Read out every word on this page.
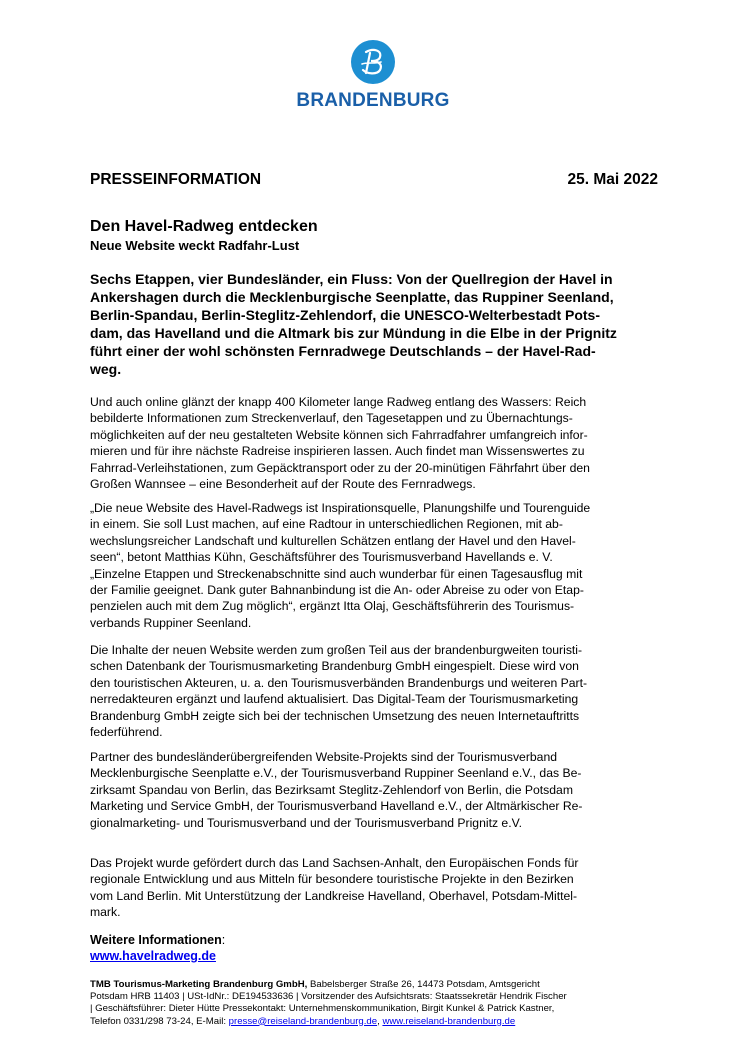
BRANDENBURG
PRESSEINFORMATION	25. Mai 2022
Den Havel-Radweg entdecken
Neue Website weckt Radfahr-Lust
Sechs Etappen, vier Bundesländer, ein Fluss: Von der Quellregion der Havel in
Ankershagen durch die Mecklenburgische Seenplatte, das Ruppiner Seenland,
Berlin-Spandau, Berlin-Steglitz-Zehlendorf, die UNESCO-Welterbestadt Pots-
dam, das Havelland und die Altmark bis zur Mündung in die Elbe in der Prignitz
führt einer der wohl schönsten Fernradwege Deutschlands – der Havel-Rad-
weg.
Und auch online glänzt der knapp 400 Kilometer lange Radweg entlang des Wassers: Reich
bebilderte Informationen zum Streckenverlauf, den Tagesetappen und zu Übernachtungs-
möglichkeiten auf der neu gestalteten Website können sich Fahrradfahrer umfangreich infor-
mieren und für ihre nächste Radreise inspirieren lassen. Auch findet man Wissenswertes zu
Fahrrad-Verleihstationen, zum Gepäcktransport oder zu der 20-minütigen Fährfahrt über den
Großen Wannsee – eine Besonderheit auf der Route des Fernradwegs.
„Die neue Website des Havel-Radwegs ist Inspirationsquelle, Planungshilfe und Tourenguide
in einem. Sie soll Lust machen, auf eine Radtour in unterschiedlichen Regionen, mit ab-
wechslungsreicher Landschaft und kulturellen Schätzen entlang der Havel und den Havel-
seen“, betont Matthias Kühn, Geschäftsführer des Tourismusverband Havellands e. V.
„Einzelne Etappen und Streckenabschnitte sind auch wunderbar für einen Tagesausflug mit
der Familie geeignet. Dank guter Bahnanbindung ist die An- oder Abreise zu oder von Etap-
penzielen auch mit dem Zug möglich“, ergänzt Itta Olaj, Geschäftsführerin des Tourismus-
verbands Ruppiner Seenland.
Die Inhalte der neuen Website werden zum großen Teil aus der brandenburgweiten touristi-
schen Datenbank der Tourismusmarketing Brandenburg GmbH eingespielt. Diese wird von
den touristischen Akteuren, u. a. den Tourismusverbänden Brandenburgs und weiteren Part-
nerredakteuren ergänzt und laufend aktualisiert. Das Digital-Team der Tourismusmarketing
Brandenburg GmbH zeigte sich bei der technischen Umsetzung des neuen Internetauftritts
federführend.
Partner des bundesländerübergreifenden Website-Projekts sind der Tourismusverband
Mecklenburgische Seenplatte e.V., der Tourismusverband Ruppiner Seenland e.V., das Be-
zirksamt Spandau von Berlin, das Bezirksamt Steglitz-Zehlendorf von Berlin, die Potsdam
Marketing und Service GmbH, der Tourismusverband Havelland e.V., der Altmärkischer Re-
gionalmarketing- und Tourismusverband und der Tourismusverband Prignitz e.V.
Das Projekt wurde gefördert durch das Land Sachsen-Anhalt, den Europäischen Fonds für
regionale Entwicklung und aus Mitteln für besondere touristische Projekte in den Bezirken
vom Land Berlin. Mit Unterstützung der Landkreise Havelland, Oberhavel, Potsdam-Mittel-
mark.
Weitere Informationen:
www.havelradweg.de
TMB Tourismus-Marketing Brandenburg GmbH, Babelsberger Straße 26, 14473 Potsdam, Amtsgericht
Potsdam HRB 11403 | USt-IdNr.: DE194533636 | Vorsitzender des Aufsichtsrats: Staatssekretär Hendrik Fischer
| Geschäftsführer: Dieter Hütte Pressekontakt: Unternehmenskommunikation, Birgit Kunkel & Patrick Kastner,
Telefon 0331/298 73-24, E-Mail: presse@reiseland-brandenburg.de, www.reiseland-brandenburg.de
